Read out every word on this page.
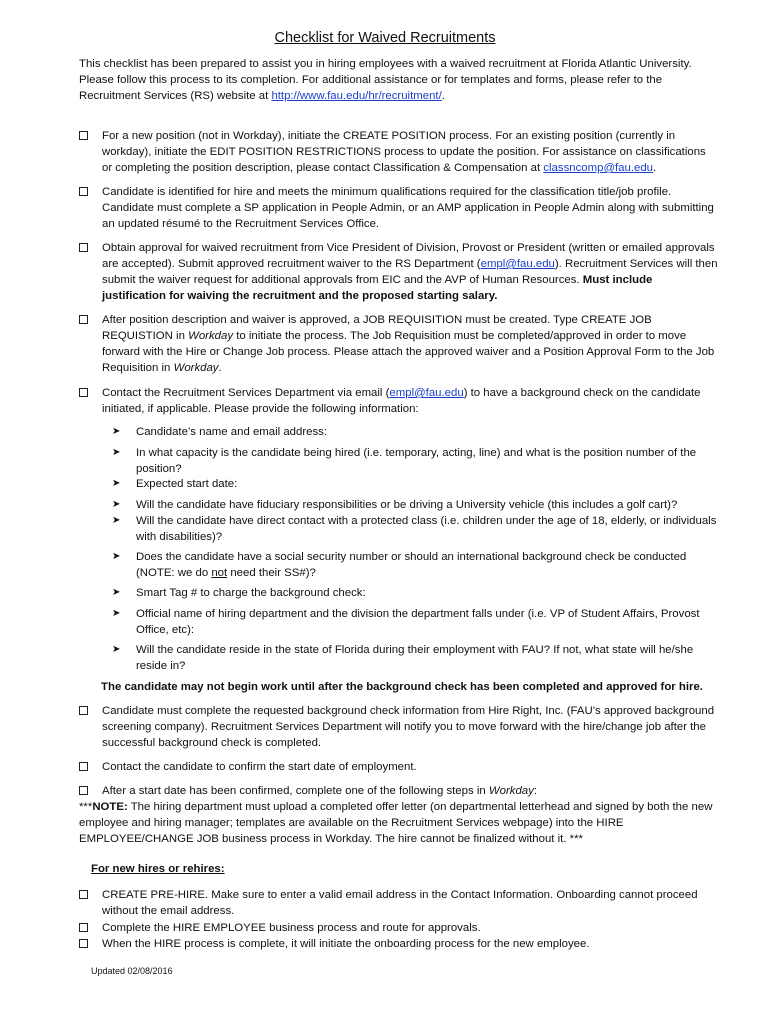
Checklist for Waived Recruitments
This checklist has been prepared to assist you in hiring employees with a waived recruitment at Florida Atlantic University. Please follow this process to its completion. For additional assistance or for templates and forms, please refer to the Recruitment Services (RS) website at http://www.fau.edu/hr/recruitment/.
For a new position (not in Workday), initiate the CREATE POSITION process. For an existing position (currently in workday), initiate the EDIT POSITION RESTRICTIONS process to update the position. For assistance on classifications or completing the position description, please contact Classification & Compensation at classncomp@fau.edu.
Candidate is identified for hire and meets the minimum qualifications required for the classification title/job profile. Candidate must complete a SP application in People Admin, or an AMP application in People Admin along with submitting an updated résumé to the Recruitment Services Office.
Obtain approval for waived recruitment from Vice President of Division, Provost or President (written or emailed approvals are accepted). Submit approved recruitment waiver to the RS Department (empl@fau.edu). Recruitment Services will then submit the waiver request for additional approvals from EIC and the AVP of Human Resources. Must include justification for waiving the recruitment and the proposed starting salary.
After position description and waiver is approved, a JOB REQUISITION must be created. Type CREATE JOB REQUISTION in Workday to initiate the process. The Job Requisition must be completed/approved in order to move forward with the Hire or Change Job process. Please attach the approved waiver and a Position Approval Form to the Job Requisition in Workday.
Contact the Recruitment Services Department via email (empl@fau.edu) to have a background check on the candidate initiated, if applicable. Please provide the following information:
➤ Candidate’s name and email address:
➤ In what capacity is the candidate being hired (i.e. temporary, acting, line) and what is the position number of the position?
➤ Expected start date:
➤ Will the candidate have fiduciary responsibilities or be driving a University vehicle (this includes a golf cart)?
➤ Will the candidate have direct contact with a protected class (i.e. children under the age of 18, elderly, or individuals with disabilities)?
➤ Does the candidate have a social security number or should an international background check be conducted (NOTE: we do not need their SS#)?
➤ Smart Tag # to charge the background check:
➤ Official name of hiring department and the division the department falls under (i.e. VP of Student Affairs, Provost Office, etc):
➤ Will the candidate reside in the state of Florida during their employment with FAU? If not, what state will he/she reside in?
The candidate may not begin work until after the background check has been completed and approved for hire.
Candidate must complete the requested background check information from Hire Right, Inc. (FAU’s approved background screening company). Recruitment Services Department will notify you to move forward with the hire/change job after the successful background check is completed.
Contact the candidate to confirm the start date of employment.
After a start date has been confirmed, complete one of the following steps in Workday:
***NOTE: The hiring department must upload a completed offer letter (on departmental letterhead and signed by both the new employee and hiring manager; templates are available on the Recruitment Services webpage) into the HIRE EMPLOYEE/CHANGE JOB business process in Workday. The hire cannot be finalized without it. ***
For new hires or rehires:
CREATE PRE-HIRE. Make sure to enter a valid email address in the Contact Information. Onboarding cannot proceed without the email address.
Complete the HIRE EMPLOYEE business process and route for approvals.
When the HIRE process is complete, it will initiate the onboarding process for the new employee.
Updated 02/08/2016
